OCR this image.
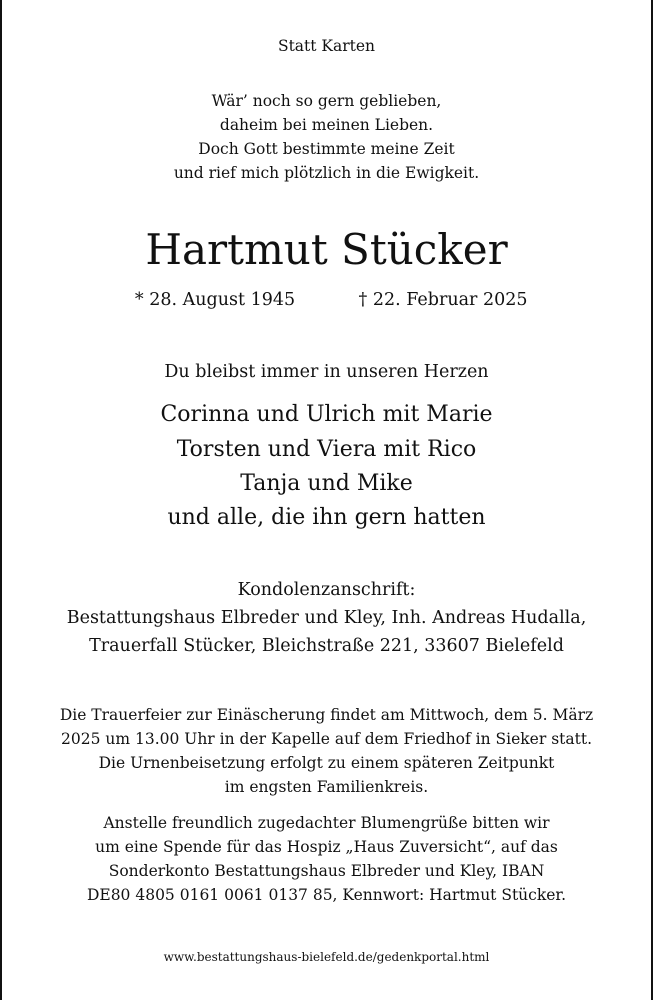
Statt Karten
Wär’ noch so gern geblieben,
daheim bei meinen Lieben.
Doch Gott bestimmte meine Zeit
und rief mich plötzlich in die Ewigkeit.
Hartmut Stücker
* 28. August 1945	† 22. Februar 2025
Du bleibst immer in unseren Herzen
Corinna und Ulrich mit Marie
Torsten und Viera mit Rico
Tanja und Mike
und alle, die ihn gern hatten
Kondolenzanschrift:
Bestattungshaus Elbreder und Kley, Inh. Andreas Hudalla,
Trauerfall Stücker, Bleichstraße 221, 33607 Bielefeld
Die Trauerfeier zur Einäscherung findet am Mittwoch, dem 5. März
2025 um 13.00 Uhr in der Kapelle auf dem Friedhof in Sieker statt.
Die Urnenbeisetzung erfolgt zu einem späteren Zeitpunkt
im engsten Familienkreis.
Anstelle freundlich zugedachter Blumengrüße bitten wir
um eine Spende für das Hospiz „Haus Zuversicht“, auf das
Sonderkonto Bestattungshaus Elbreder und Kley, IBAN
DE80 4805 0161 0061 0137 85, Kennwort: Hartmut Stücker.
www.bestattungshaus-bielefeld.de/gedenkportal.html
